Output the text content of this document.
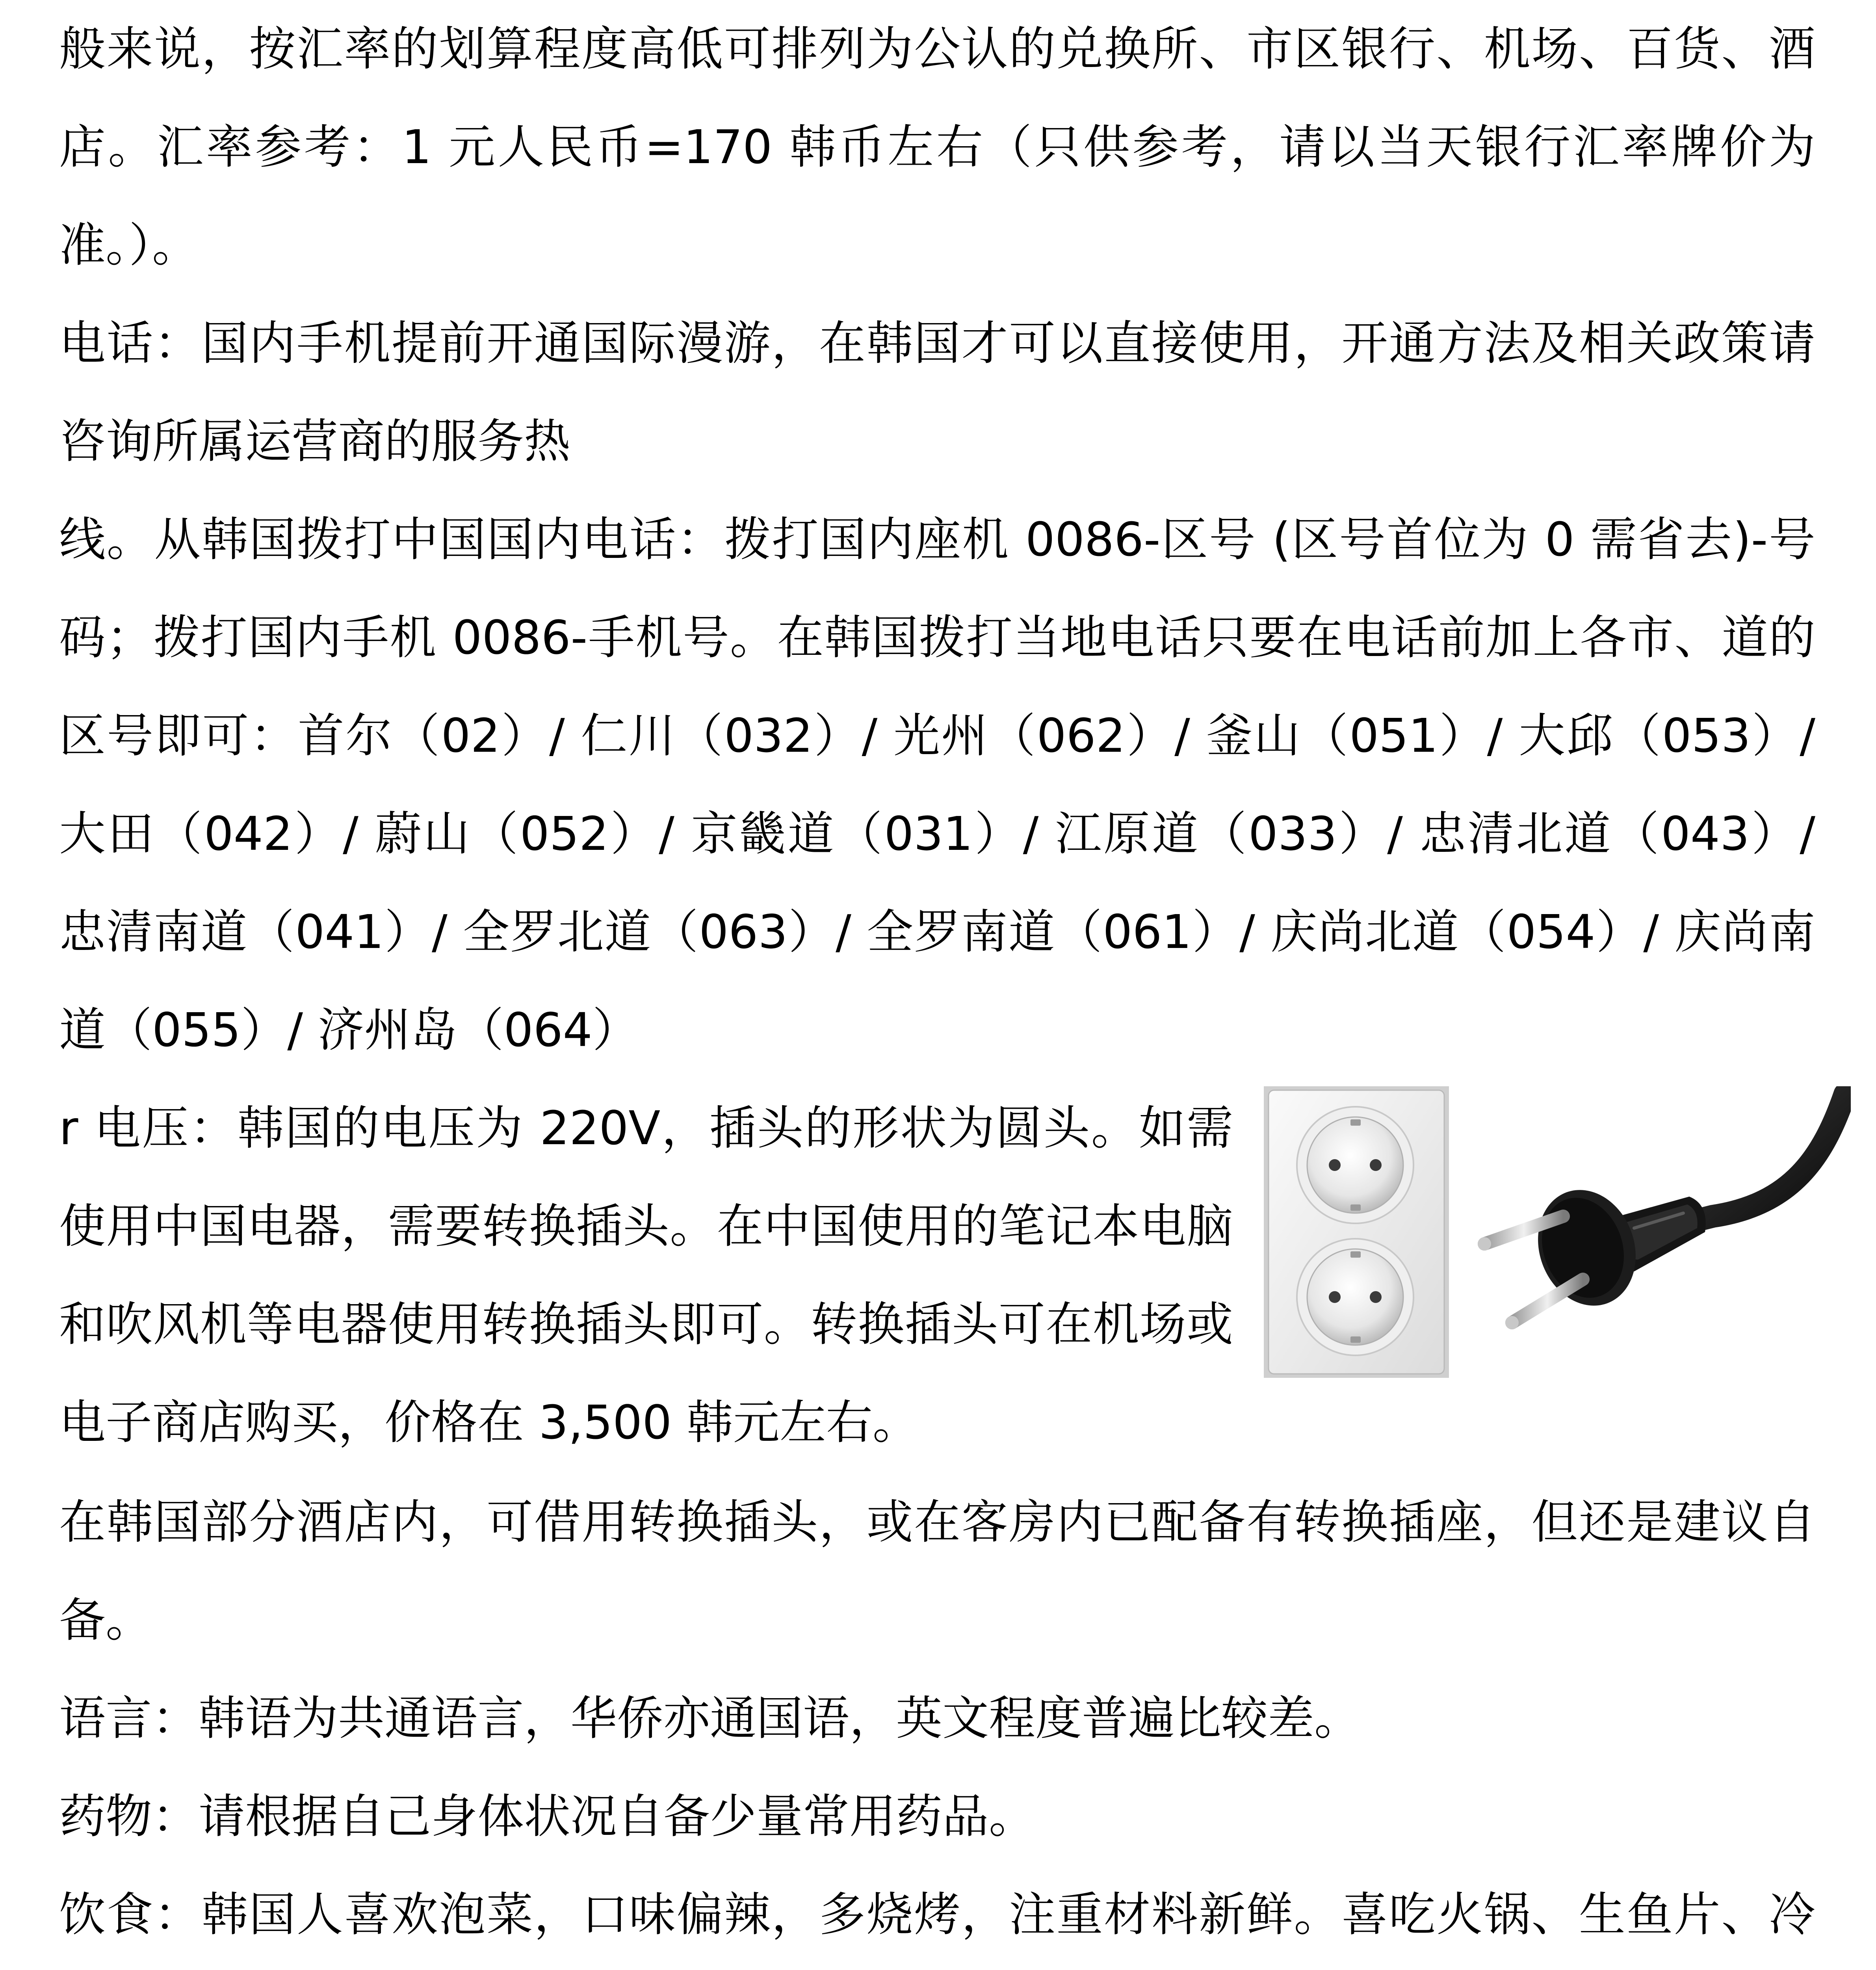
般来说，按汇率的划算程度高低可排列为公认的兑换所、市区银行、机场、百货、酒店。汇率参考：1 元人民币=170 韩币左右（只供参考，请以当天银行汇率牌价为准。）。

电话：国内手机提前开通国际漫游，在韩国才可以直接使用，开通方法及相关政策请咨询所属运营商的服务热

线。从韩国拨打中国国内电话：拨打国内座机 0086-区号 (区号首位为 0 需省去)-号码；拨打国内手机 0086-手机号。在韩国拨打当地电话只要在电话前加上各市、道的区号即可：首尔（02）/ 仁川（032）/ 光州（062）/ 釜山（051）/ 大邱（053）/ 大田（042）/ 蔚山（052）/ 京畿道（031）/ 江原道（033）/ 忠清北道（043）/ 忠清南道（041）/ 全罗北道（063）/ 全罗南道（061）/ 庆尚北道（054）/ 庆尚南道（055）/ 济州岛（064）

r 电压：韩国的电压为 220V，插头的形状为圆头。如需使用中国电器，需要转换插头。在中国使用的笔记本电脑和吹风机等电器使用转换插头即可。转换插头可在机场或电子商店购买，价格在 3,500 韩元左右。

在韩国部分酒店内，可借用转换插头，或在客房内已配备有转换插座，但还是建议自备。

语言：韩语为共通语言，华侨亦通国语，英文程度普遍比较差。

药物：请根据自己身体状况自备少量常用药品。

饮食：韩国人喜欢泡菜，口味偏辣，多烧烤，注重材料新鲜。喜吃火锅、生鱼片、冷
